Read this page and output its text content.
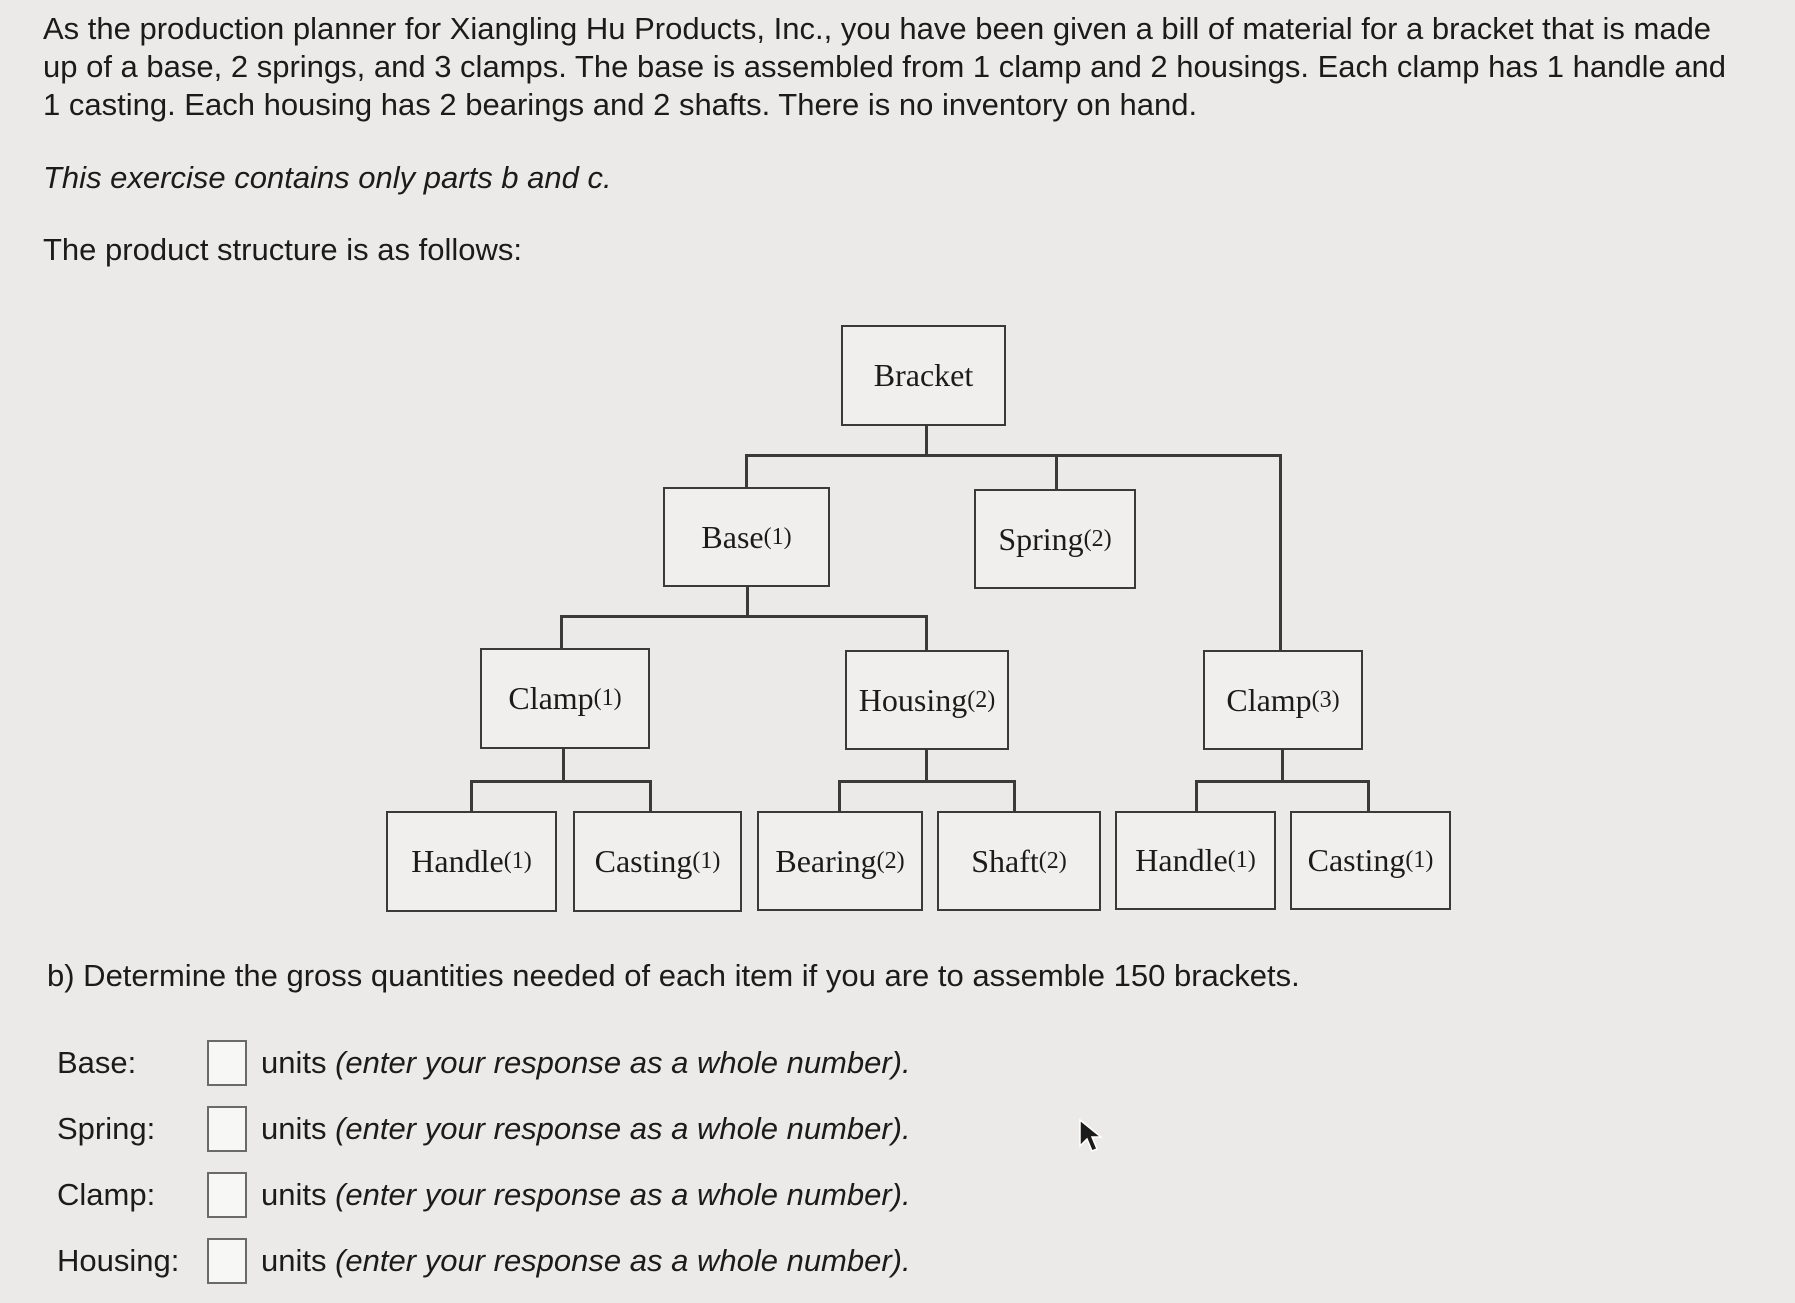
As the production planner for Xiangling Hu Products, Inc., you have been given a bill of material for a bracket that is made up of a base, 2 springs, and 3 clamps. The base is assembled from 1 clamp and 2 housings. Each clamp has 1 handle and 1 casting. Each housing has 2 bearings and 2 shafts. There is no inventory on hand.

This exercise contains only parts b and c.
The product structure is as follows:
Bracket
Base (1)	Spring (2)
Clamp (1)	Housing (2)	Clamp (3)
Handle (1) Casting (1) Bearing (2) Shaft (2) Handle (1) Casting (1)
b) Determine the gross quantities needed of each item if you are to assemble 150 brackets.
Base:	units
(enter your response as a whole number).
Spring:	units
(enter your response as a whole number).
Clamp:	units
(enter your response as a whole number).
Housing:	units
(enter your response as a whole number).
